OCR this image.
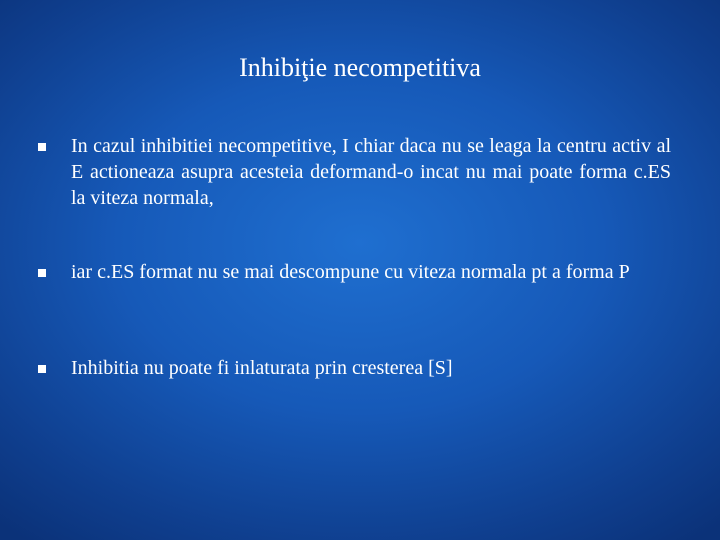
Inhibiţie necompetitiva
In cazul inhibitiei necompetitive, I chiar daca nu se leaga la centru activ al E actioneaza asupra acesteia deformand-o incat nu mai poate forma c.ES la viteza normala,
iar c.ES format nu se mai descompune cu viteza normala pt a forma P
Inhibitia nu poate fi inlaturata prin cresterea [S]
